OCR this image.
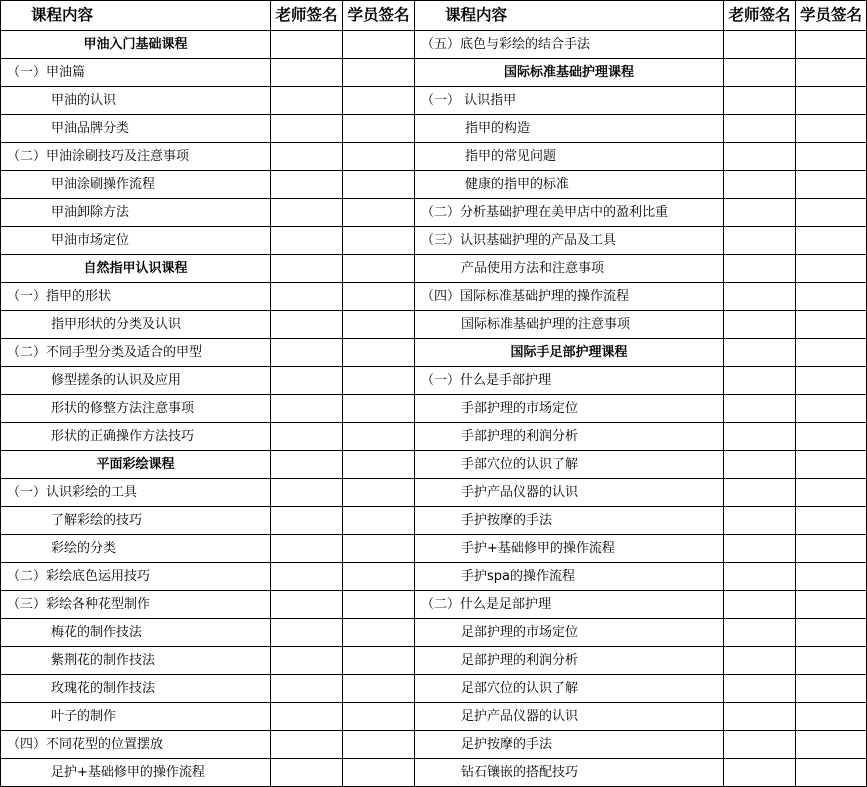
课程内容	老师签名	学员签名	课程内容	老师签名	学员签名
甲油入门基础课程			（五）底色与彩绘的结合手法		
（一）甲油篇			国际标准基础护理课程		
甲油的认识			（一） 认识指甲		
甲油品牌分类			指甲的构造		
（二）甲油涂刷技巧及注意事项			指甲的常见问题		
甲油涂刷操作流程			健康的指甲的标准		
甲油卸除方法			（二）分析基础护理在美甲店中的盈利比重		
甲油市场定位			（三）认识基础护理的产品及工具		
自然指甲认识课程			产品使用方法和注意事项		
（一）指甲的形状			（四）国际标准基础护理的操作流程		
指甲形状的分类及认识			国际标准基础护理的注意事项		
（二）不同手型分类及适合的甲型			国际手足部护理课程		
修型搓条的认识及应用			（一）什么是手部护理		
形状的修整方法注意事项			手部护理的市场定位		
形状的正确操作方法技巧			手部护理的利润分析		
平面彩绘课程			手部穴位的认识了解		
（一）认识彩绘的工具			手护产品仪器的认识		
了解彩绘的技巧			手护按摩的手法		
彩绘的分类			手护+基础修甲的操作流程		
（二）彩绘底色运用技巧			手护spa的操作流程		
（三）彩绘各种花型制作			（二）什么是足部护理		
梅花的制作技法			足部护理的市场定位		
紫荆花的制作技法			足部护理的利润分析		
玫瑰花的制作技法			足部穴位的认识了解		
叶子的制作			足护产品仪器的认识		
（四）不同花型的位置摆放			足护按摩的手法		
足护+基础修甲的操作流程			钻石镶嵌的搭配技巧		
